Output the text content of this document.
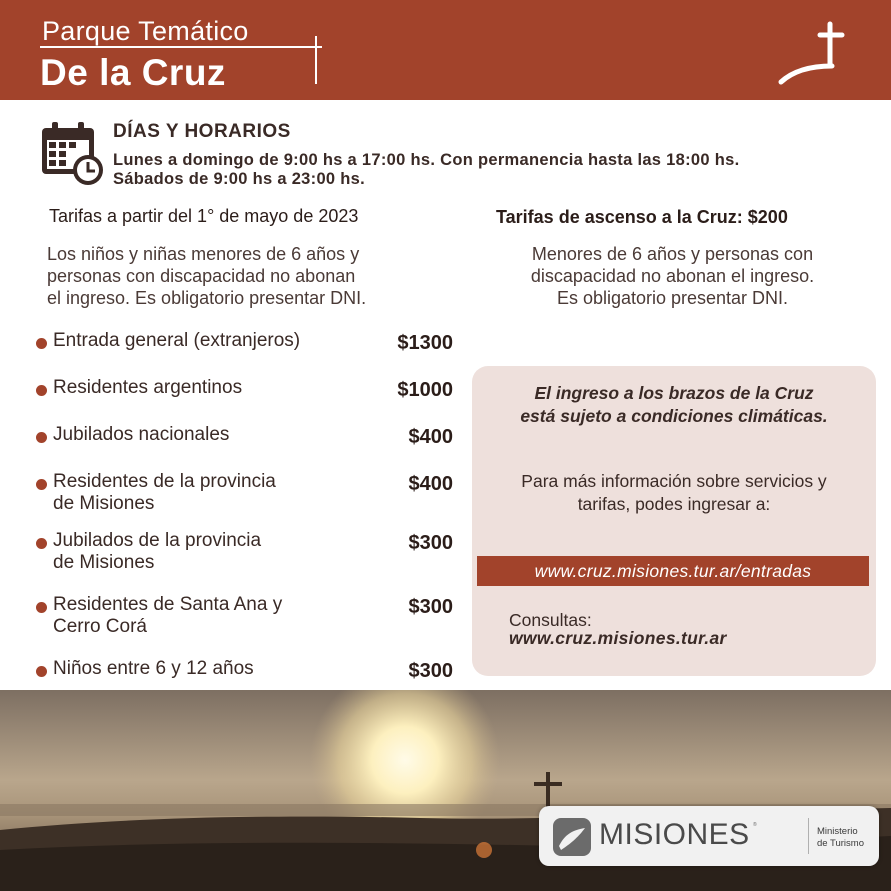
Parque Temático
De la Cruz
DÍAS Y HORARIOS
Lunes a domingo de 9:00 hs a 17:00 hs. Con permanencia hasta las 18:00 hs.
Sábados de 9:00 hs a 23:00 hs.
Tarifas a partir del 1° de mayo de 2023
Los niños y niñas menores de 6 años y
personas con discapacidad no abonan
el ingreso. Es obligatorio presentar DNI.
Tarifas de ascenso a la Cruz: $200
Menores de 6 años y personas con
discapacidad no abonan el ingreso.
Es obligatorio presentar DNI.
Entrada general (extranjeros)	$1300
Residentes argentinos	$1000
Jubilados nacionales	$400
Residentes de la provincia
de Misiones
$400
Jubilados de la provincia
de Misiones
$300
Residentes de Santa Ana y
Cerro Corá
$300
Niños entre 6 y 12 años	$300
El ingreso a los brazos de la Cruz
está sujeto a condiciones climáticas.
Para más información sobre servicios y
tarifas, podes ingresar a:
www.cruz.misiones.tur.ar/entradas
Consultas:
www.cruz.misiones.tur.ar
MISIONES ®
Ministerio
de Turismo
